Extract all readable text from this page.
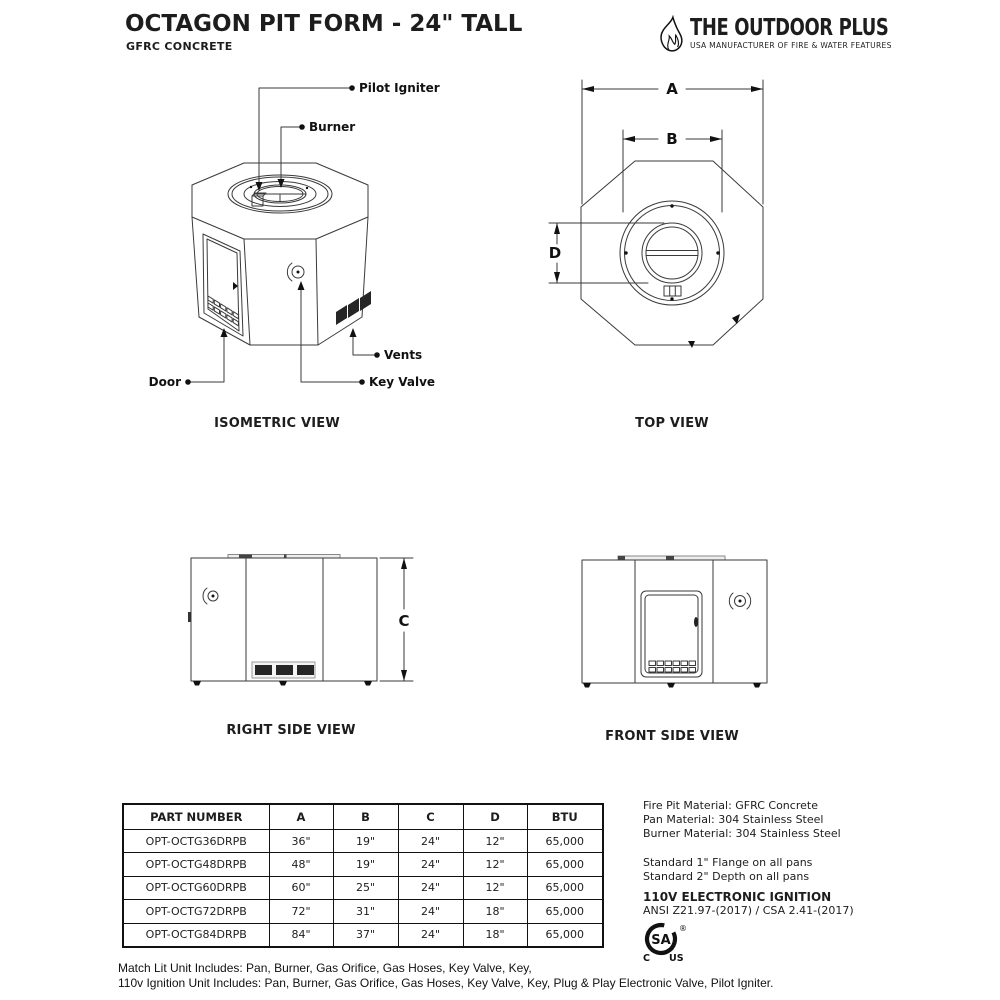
OCTAGON PIT FORM - 24" TALL
GFRC CONCRETE
THE OUTDOOR PLUS
USA MANUFACTURER OF FIRE & WATER FEATURES
Pilot Igniter
Burner
Vents
Key Valve
Door
ISOMETRIC VIEW
A
B
D
TOP VIEW
C
RIGHT SIDE VIEW	FRONT SIDE VIEW
PART NUMBER	A	B	C	D	BTU
OPT-OCTG36DRPB	36"	19"	24"	12"	65,000
OPT-OCTG48DRPB	48"	19"	24"	12"	65,000
OPT-OCTG60DRPB	60"	25"	24"	12"	65,000
OPT-OCTG72DRPB	72"	31"	24"	18"	65,000
OPT-OCTG84DRPB	84"	37"	24"	18"	65,000
Fire Pit Material: GFRC Concrete
Pan Material: 304 Stainless Steel
Burner Material: 304 Stainless Steel
Standard 1" Flange on all pans
Standard 2" Depth on all pans
110V ELECTRONIC IGNITION
ANSI Z21.97-(2017) / CSA 2.41-(2017)
SA
®
C US
Match Lit Unit Includes: Pan, Burner, Gas Orifice, Gas Hoses, Key Valve, Key,
110v Ignition Unit Includes: Pan, Burner, Gas Orifice, Gas Hoses, Key Valve, Key, Plug & Play Electronic Valve, Pilot Igniter.
